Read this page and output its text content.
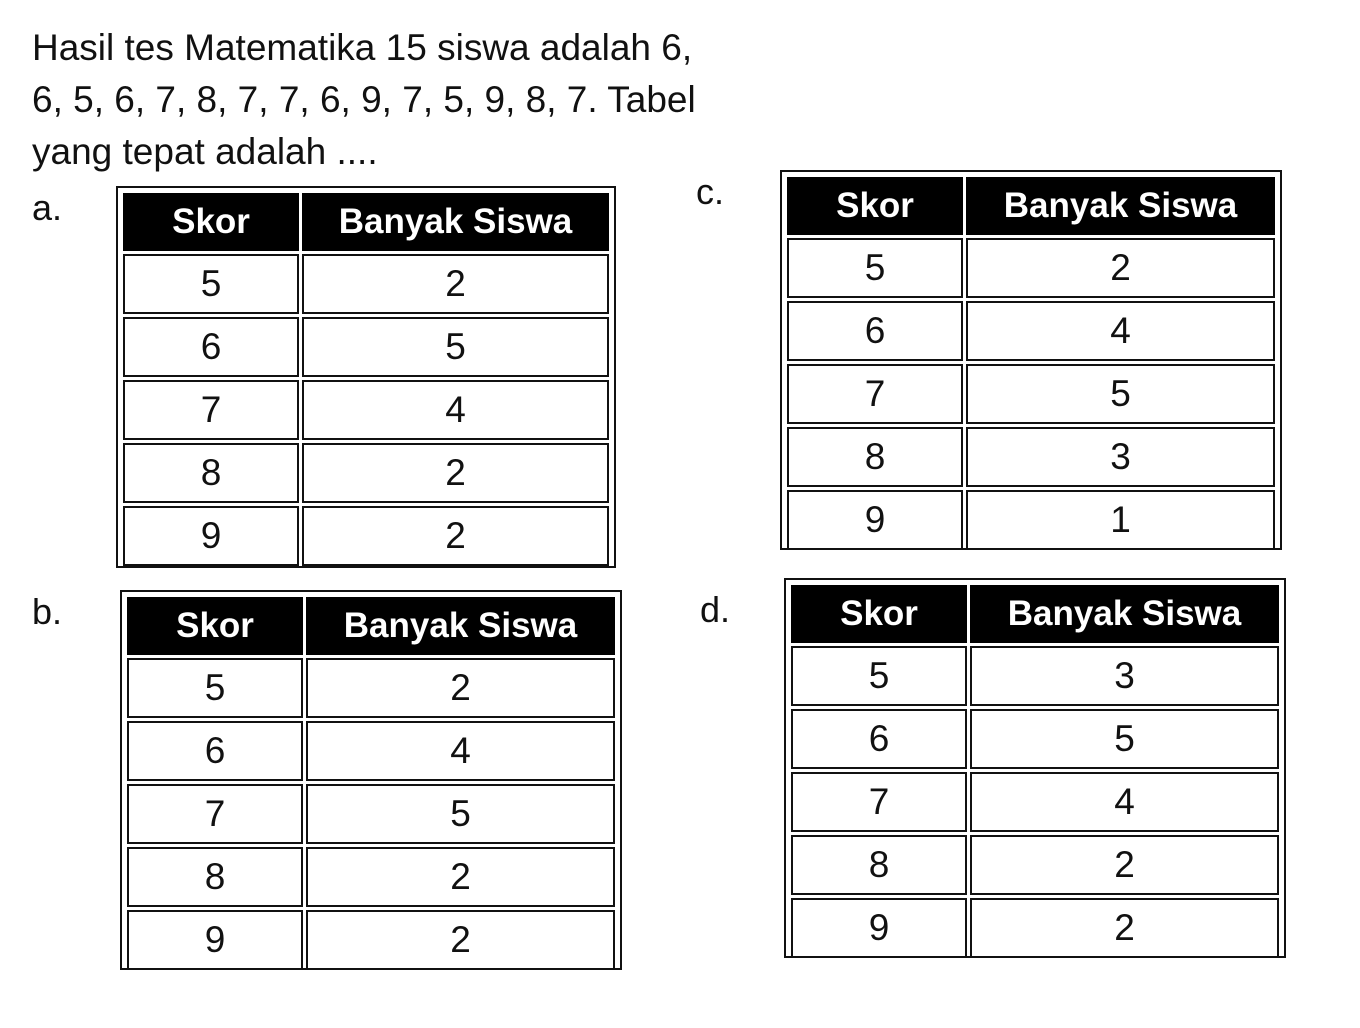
Hasil tes Matematika 15 siswa adalah 6,
6, 5, 6, 7, 8, 7, 7, 6, 9, 7, 5, 9, 8, 7. Tabel
yang tepat adalah ....
a.	Skor	Banyak Siswa
5	2
6	5
7	4
8	2
9	2
b.	Skor	Banyak Siswa
5	2
6	4
7	5
8	2
9	2
c.	Skor	Banyak Siswa
5	2
6	4
7	5
8	3
9	1
d.	Skor	Banyak Siswa
5	3
6	5
7	4
8	2
9	2
